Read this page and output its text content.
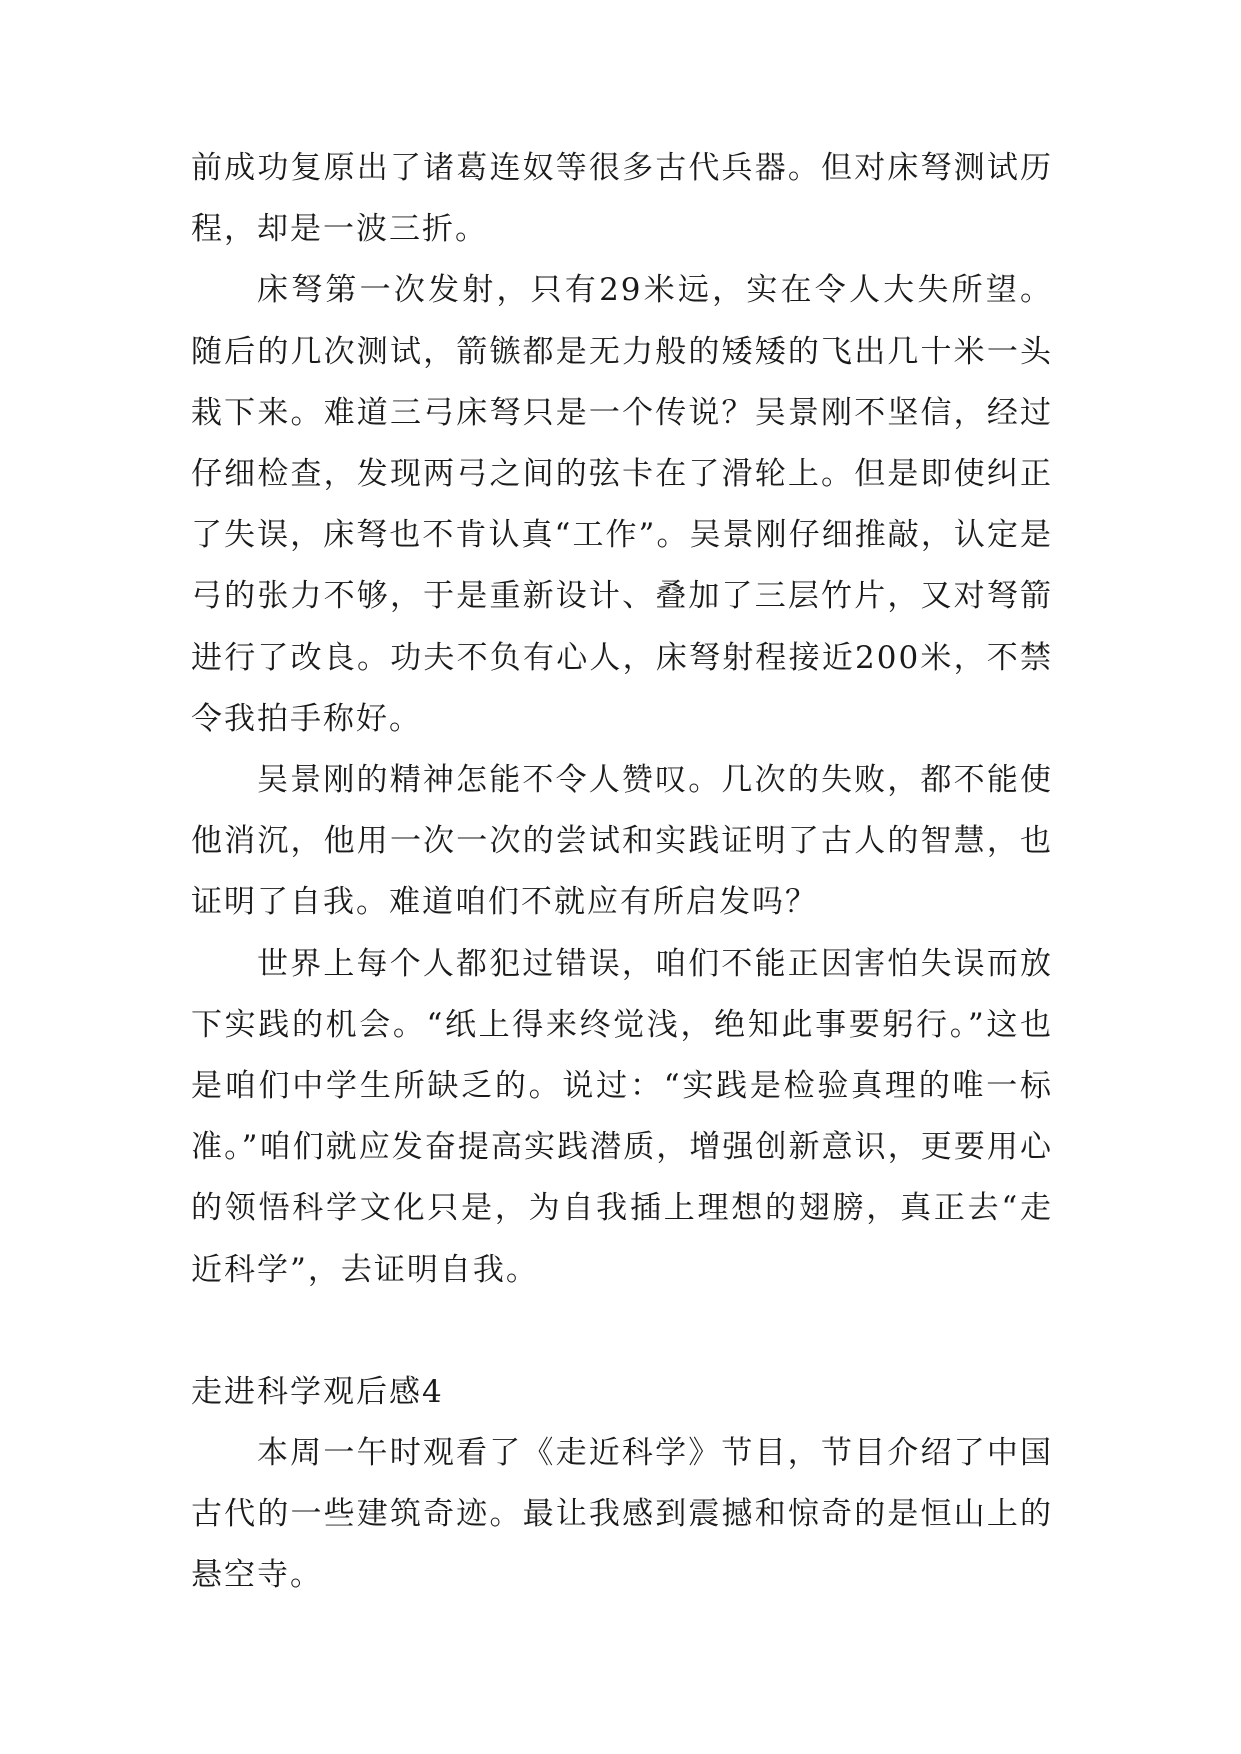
前成功复原出了诸葛连奴等很多古代兵器。但对床弩测试历程，却是一波三折。

床弩第一次发射，只有29米远，实在令人大失所望。随后的几次测试，箭镞都是无力般的矮矮的飞出几十米一头栽下来。难道三弓床弩只是一个传说？吴景刚不坚信，经过仔细检查，发现两弓之间的弦卡在了滑轮上。但是即使纠正了失误，床弩也不肯认真“工作”。吴景刚仔细推敲，认定是弓的张力不够，于是重新设计、叠加了三层竹片，又对弩箭进行了改良。功夫不负有心人，床弩射程接近200米，不禁令我拍手称好。

吴景刚的精神怎能不令人赞叹。几次的失败，都不能使他消沉，他用一次一次的尝试和实践证明了古人的智慧，也证明了自我。难道咱们不就应有所启发吗？

世界上每个人都犯过错误，咱们不能正因害怕失误而放下实践的机会。“纸上得来终觉浅，绝知此事要躬行。”这也是咱们中学生所缺乏的。说过：“实践是检验真理的唯一标准。”咱们就应发奋提高实践潜质，增强创新意识，更要用心的领悟科学文化只是，为自我插上理想的翅膀，真正去“走近科学”，去证明自我。

走进科学观后感4

本周一午时观看了《走近科学》节目，节目介绍了中国古代的一些建筑奇迹。最让我感到震撼和惊奇的是恒山上的悬空寺。
